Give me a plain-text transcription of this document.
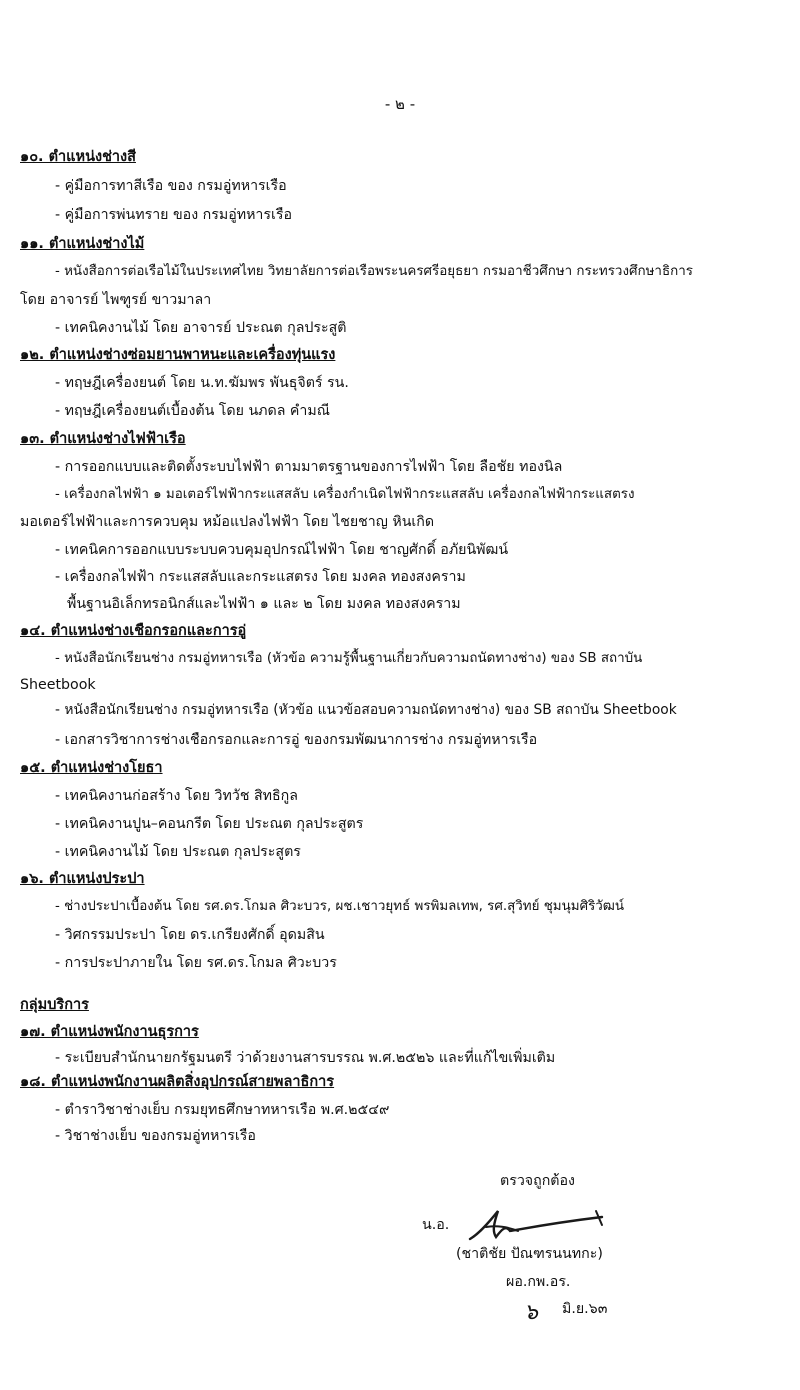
- ๒ -
๑๐. ตำแหน่งช่างสี
- คู่มือการทาสีเรือ ของ กรมอู่ทหารเรือ
- คู่มือการพ่นทราย ของ กรมอู่ทหารเรือ
๑๑. ตำแหน่งช่างไม้
- หนังสือการต่อเรือไม้ในประเทศไทย วิทยาลัยการต่อเรือพระนครศรีอยุธยา กรมอาชีวศึกษา กระทรวงศึกษาธิการ
โดย อาจารย์ ไพฑูรย์ ขาวมาลา
- เทคนิคงานไม้ โดย อาจารย์ ประณต กุลประสูติ
๑๒. ตำแหน่งช่างซ่อมยานพาหนะและเครื่องทุ่นแรง
- ทฤษฎีเครื่องยนต์ โดย น.ท.ฆัมพร พันธุจิตร์ รน.
- ทฤษฎีเครื่องยนต์เบื้องต้น โดย นภดล คำมณี
๑๓. ตำแหน่งช่างไฟฟ้าเรือ
- การออกแบบและติดตั้งระบบไฟฟ้า ตามมาตรฐานของการไฟฟ้า โดย ลือชัย ทองนิล
- เครื่องกลไฟฟ้า ๑ มอเตอร์ไฟฟ้ากระแสสลับ เครื่องกำเนิดไฟฟ้ากระแสสลับ เครื่องกลไฟฟ้ากระแสตรง
มอเตอร์ไฟฟ้าและการควบคุม หม้อแปลงไฟฟ้า โดย ไชยชาญ หินเกิด
- เทคนิคการออกแบบระบบควบคุมอุปกรณ์ไฟฟ้า โดย ชาญศักดิ์ อภัยนิพัฒน์
- เครื่องกลไฟฟ้า กระแสสลับและกระแสตรง โดย มงคล ทองสงคราม
พื้นฐานอิเล็กทรอนิกส์และไฟฟ้า ๑ และ ๒ โดย มงคล ทองสงคราม
๑๔. ตำแหน่งช่างเชือกรอกและการอู่
- หนังสือนักเรียนช่าง กรมอู่ทหารเรือ (หัวข้อ ความรู้พื้นฐานเกี่ยวกับความถนัดทางช่าง) ของ SB สถาบัน
Sheetbook
- หนังสือนักเรียนช่าง กรมอู่ทหารเรือ (หัวข้อ แนวข้อสอบความถนัดทางช่าง) ของ SB สถาบัน Sheetbook
- เอกสารวิชาการช่างเชือกรอกและการอู่ ของกรมพัฒนาการช่าง กรมอู่ทหารเรือ
๑๕. ตำแหน่งช่างโยธา
- เทคนิคงานก่อสร้าง โดย วิทวัช สิทธิกูล
- เทคนิคงานปูน–คอนกรีต โดย ประณต กุลประสูตร
- เทคนิคงานไม้ โดย ประณต กุลประสูตร
๑๖. ตำแหน่งประปา
- ช่างประปาเบื้องต้น โดย รศ.ดร.โกมล ศิวะบวร, ผช.เชาวยุทธ์ พรพิมลเทพ, รศ.สุวิทย์ ชุมนุมศิริวัฒน์
- วิศกรรมประปา โดย ดร.เกรียงศักดิ์ อุดมสิน
- การประปาภายใน โดย รศ.ดร.โกมล ศิวะบวร
กลุ่มบริการ
๑๗. ตำแหน่งพนักงานธุรการ
- ระเบียบสำนักนายกรัฐมนตรี ว่าด้วยงานสารบรรณ พ.ศ.๒๕๒๖ และที่แก้ไขเพิ่มเติม
๑๘. ตำแหน่งพนักงานผลิตสิ่งอุปกรณ์สายพลาธิการ
- ตำราวิชาช่างเย็บ กรมยุทธศึกษาทหารเรือ พ.ศ.๒๕๔๙
- วิชาช่างเย็บ ของกรมอู่ทหารเรือ
ตรวจถูกต้อง
น.อ.
(ชาติชัย ปัณฑรนนทกะ)
ผอ.กพ.อร.
๖ มิ.ย.๖๓
